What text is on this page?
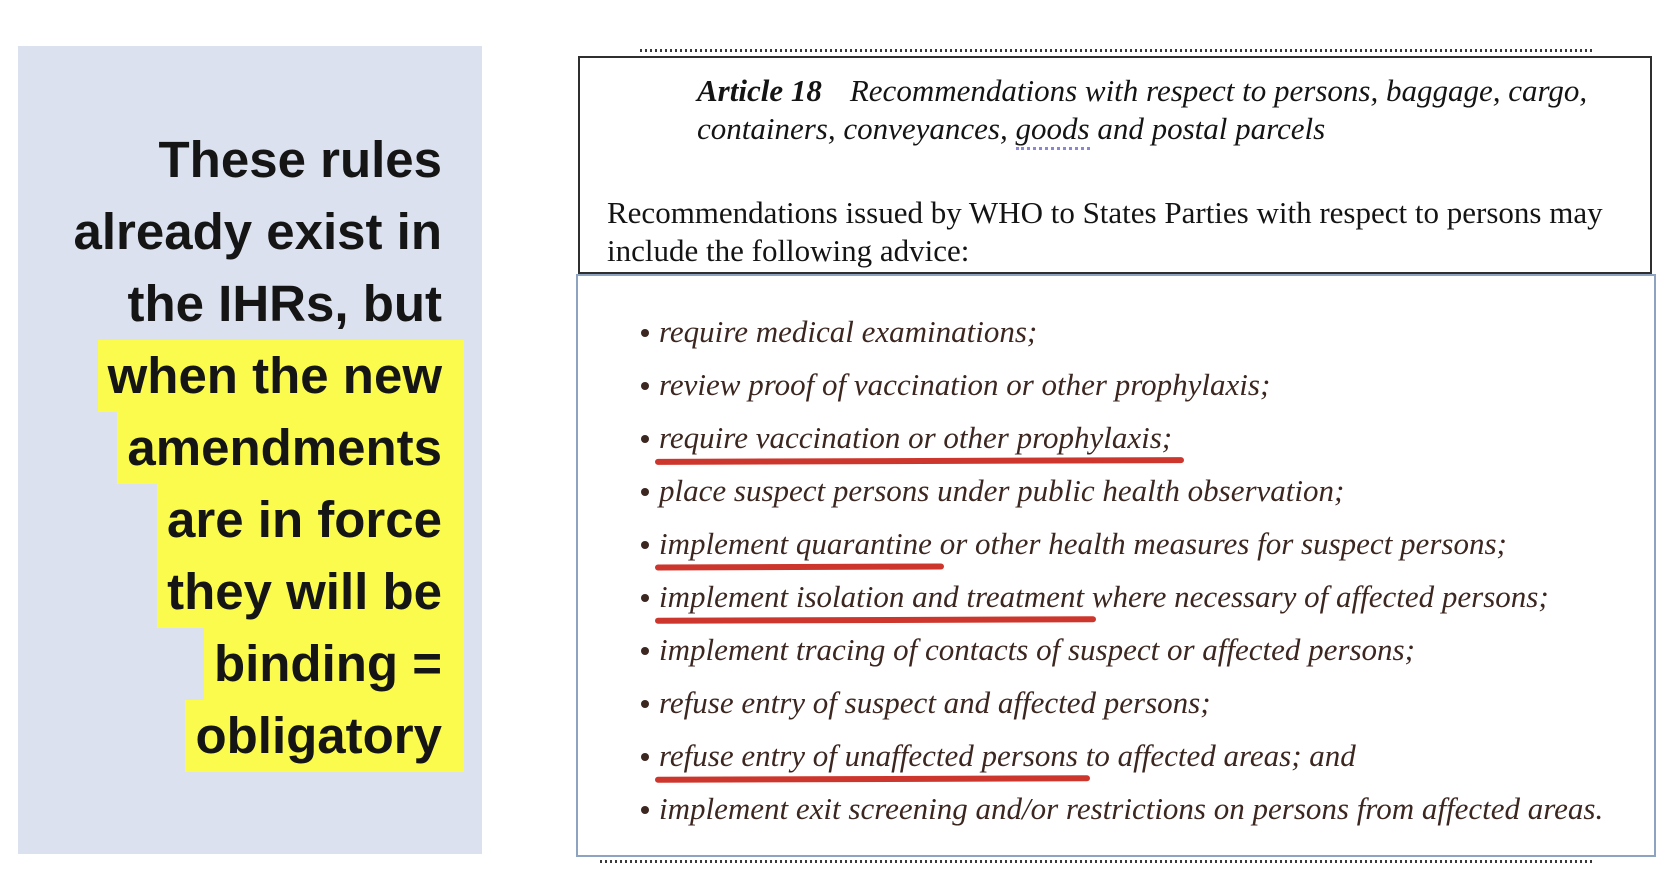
These rules
already exist in
the IHRs, but
when the new
amendments
are in force
they will be
binding =
obligatory
Article 18 Recommendations with respect to persons, baggage, cargo,
containers, conveyances, goods and postal parcels
Recommendations issued by WHO to States Parties with respect to persons may
include the following advice:
require medical examinations;
review proof of vaccination or other prophylaxis;
require vaccination or other prophylaxis;
place suspect persons under public health observation;
implement quarantine or other health measures for suspect persons;
implement isolation and treatment where necessary of affected persons;
implement tracing of contacts of suspect or affected persons;
refuse entry of suspect and affected persons;
refuse entry of unaffected persons to affected areas; and
implement exit screening and/or restrictions on persons from affected areas.
